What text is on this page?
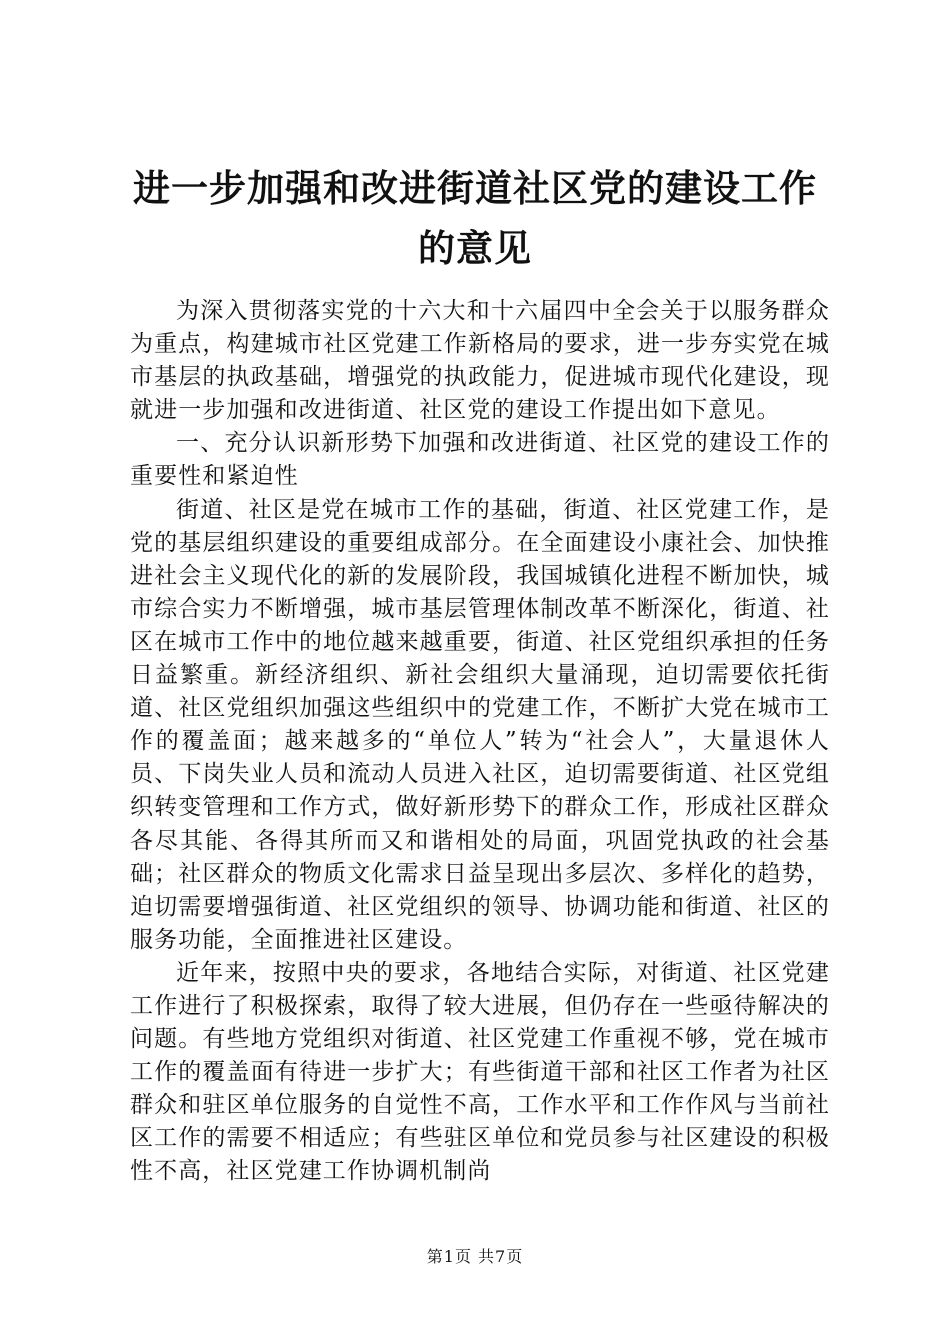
进一步加强和改进街道社区党的建设工作的意见

为深入贯彻落实党的十六大和十六届四中全会关于以服务群众为重点，构建城市社区党建工作新格局的要求，进一步夯实党在城市基层的执政基础，增强党的执政能力，促进城市现代化建设，现就进一步加强和改进街道、社区党的建设工作提出如下意见。

一、充分认识新形势下加强和改进街道、社区党的建设工作的重要性和紧迫性

街道、社区是党在城市工作的基础，街道、社区党建工作，是党的基层组织建设的重要组成部分。在全面建设小康社会、加快推进社会主义现代化的新的发展阶段，我国城镇化进程不断加快，城市综合实力不断增强，城市基层管理体制改革不断深化，街道、社区在城市工作中的地位越来越重要，街道、社区党组织承担的任务日益繁重。新经济组织、新社会组织大量涌现，迫切需要依托街道、社区党组织加强这些组织中的党建工作，不断扩大党在城市工作的覆盖面；越来越多的“单位人”转为“社会人”，大量退休人员、下岗失业人员和流动人员进入社区，迫切需要街道、社区党组织转变管理和工作方式，做好新形势下的群众工作，形成社区群众各尽其能、各得其所而又和谐相处的局面，巩固党执政的社会基础；社区群众的物质文化需求日益呈现出多层次、多样化的趋势，迫切需要增强街道、社区党组织的领导、协调功能和街道、社区的服务功能，全面推进社区建设。

近年来，按照中央的要求，各地结合实际，对街道、社区党建工作进行了积极探索，取得了较大进展，但仍存在一些亟待解决的问题。有些地方党组织对街道、社区党建工作重视不够，党在城市工作的覆盖面有待进一步扩大；有些街道干部和社区工作者为社区群众和驻区单位服务的自觉性不高，工作水平和工作作风与当前社区工作的需要不相适应；有些驻区单位和党员参与社区建设的积极性不高，社区党建工作协调机制尚

第1页 共7页
